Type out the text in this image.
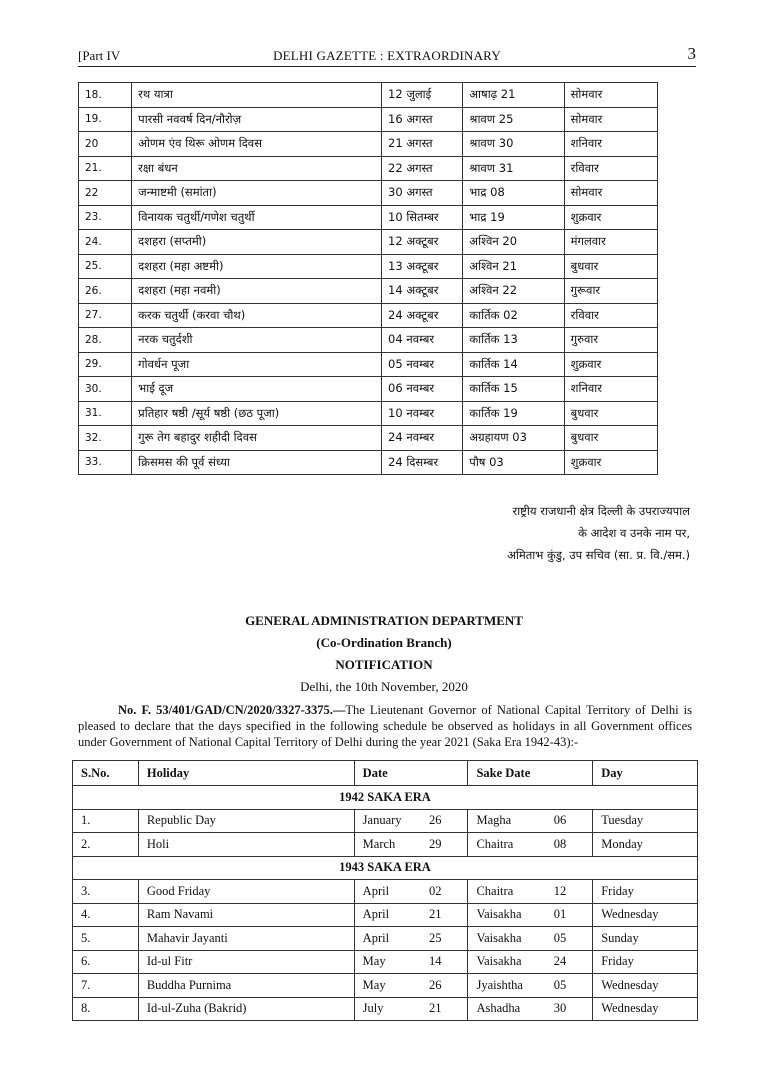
[Part IV	DELHI GAZETTE : EXTRAORDINARY	3
18.	रथ यात्रा	12 जुलाई	आषाढ़ 21	सोमवार
19.	पारसी नववर्ष दिन/नौरोज़	16 अगस्त	श्रावण 25	सोमवार
20	ओणम एंव थिरू ओणम दिवस	21 अगस्त	श्रावण 30	शनिवार
21.	रक्षा बंधन	22 अगस्त	श्रावण 31	रविवार
22	जन्माष्टमी (समांता)	30 अगस्त	भाद्र 08	सोमवार
23.	विनायक चतुर्थी/गणेश चतुर्थी	10 सितम्बर	भाद्र 19	शुक्रवार
24.	दशहरा (सप्तमी)	12 अक्टूबर	अश्विन 20	मंगलवार
25.	दशहरा (महा अष्टमी)	13 अक्टूबर	अश्विन 21	बुधवार
26.	दशहरा (महा नवमी)	14 अक्टूबर	अश्विन 22	गुरूवार
27.	करक चतुर्थी (करवा चौथ)	24 अक्टूबर	कार्तिक 02	रविवार
28.	नरक चतुर्दशी	04 नवम्बर	कार्तिक 13	गुरुवार
29.	गोवर्धन पूजा	05 नवम्बर	कार्तिक 14	शुक्रवार
30.	भाई दूज	06 नवम्बर	कार्तिक 15	शनिवार
31.	प्रतिहार षष्ठी /सूर्य षष्ठी (छठ पूजा)	10 नवम्बर	कार्तिक 19	बुधवार
32.	गुरू तेग बहादुर शहीदी दिवस	24 नवम्बर	अग्रहायण 03	बुधवार
33.	क्रिसमस की पूर्व संध्या	24 दिसम्बर	पौष 03	शुक्रवार
राष्ट्रीय राजधानी क्षेत्र दिल्ली के उपराज्यपाल
के आदेश व उनके नाम पर,
अमिताभ कुंडु, उप सचिव (सा. प्र. वि./सम.)
GENERAL ADMINISTRATION DEPARTMENT
(Co-Ordination Branch)
NOTIFICATION
Delhi, the 10th November, 2020
No. F. 53/401/GAD/CN/2020/3327-3375.—The Lieutenant Governor of National Capital Territory of Delhi is pleased to declare that the days specified in the following schedule be observed as holidays in all Government offices under Government of National Capital Territory of Delhi during the year 2021 (Saka Era 1942-43):-
S.No.	Holiday	Date	Sake Date	Day
1942 SAKA ERA				
1.	Republic Day	January 26	Magha 06	Tuesday
2.	Holi	March 29	Chaitra 08	Monday
1943 SAKA ERA				
3.	Good Friday	April 02	Chaitra 12	Friday
4.	Ram Navami	April 21	Vaisakha 01	Wednesday
5.	Mahavir Jayanti	April 25	Vaisakha 05	Sunday
6.	Id-ul Fitr	May 14	Vaisakha 24	Friday
7.	Buddha Purnima	May 26	Jyaishtha 05	Wednesday
8.	Id-ul-Zuha (Bakrid)	July 21	Ashadha 30	Wednesday
